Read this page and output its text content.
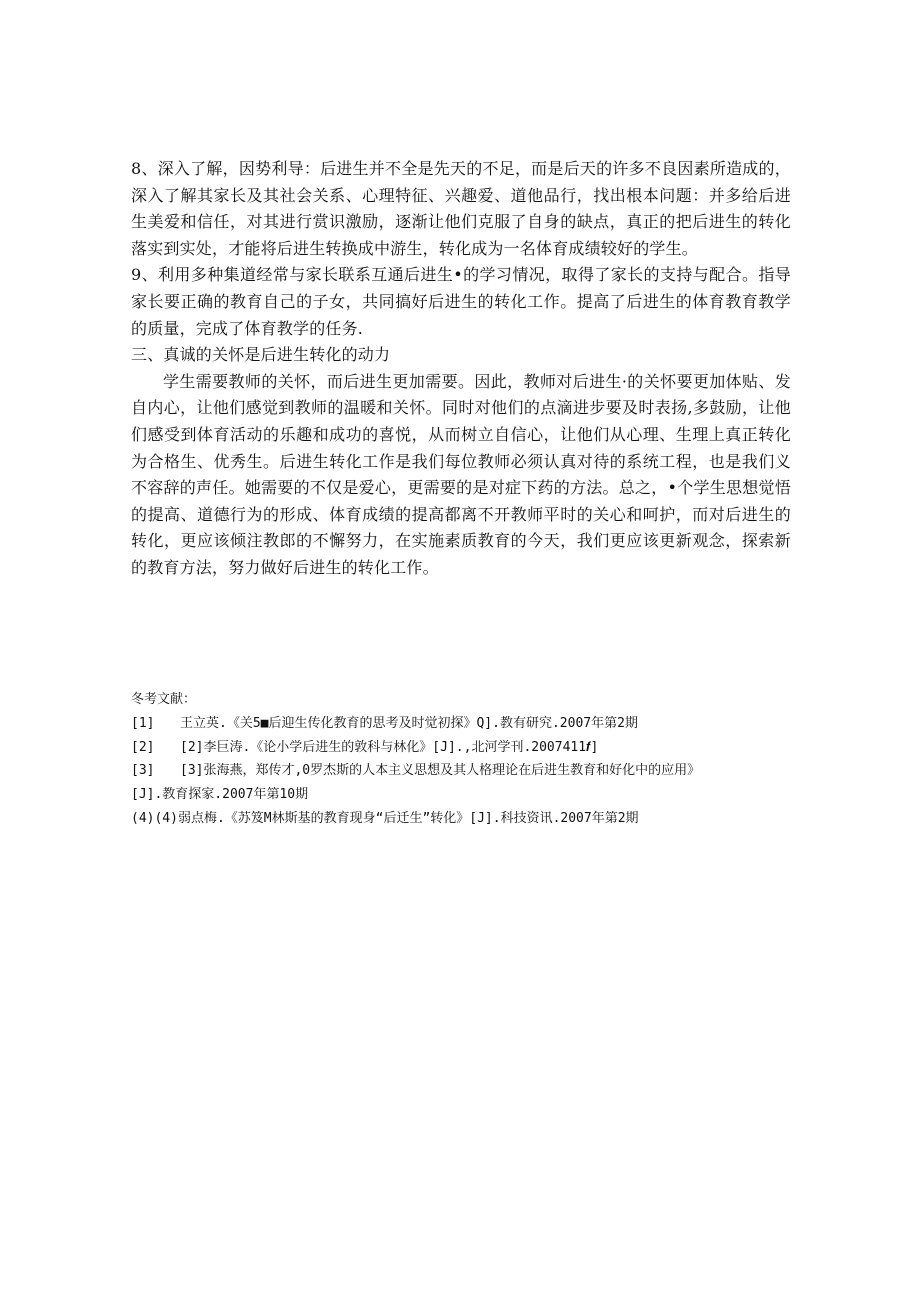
8、深入了解，因势利导：后进生并不全是先天的不足，而是后天的许多不良因素所造成的，深入了解其家长及其社会关系、心理特征、兴趣爱、道他品行，找出根本问题：并多给后进生美爱和信任，对其进行赏识激励，逐渐让他们克服了自身的缺点，真正的把后进生的转化落实到实处，才能将后进生转换成中游生，转化成为一名体育成绩较好的学生。

9、利用多种集道经常与家长联系互通后进生•的学习情况，取得了家长的支持与配合。指导家长要正确的教育自己的子女，共同搞好后进生的转化工作。提高了后进生的体育教育教学的质量，完成了体育教学的任务.

三、真诚的关怀是后进生转化的动力

学生需要教师的关怀，而后进生更加需要。因此，教师对后进生·的关怀要更加体贴、发自内心，让他们感觉到教师的温暖和关怀。同时对他们的点滴进步要及时表扬,多鼓励，让他们感受到体育活动的乐趣和成功的喜悦，从而树立自信心，让他们从心理、生理上真正转化为合格生、优秀生。后进生转化工作是我们每位教师必须认真对待的系统工程，也是我们义不容辞的声任。她需要的不仅是爱心，更需要的是对症下药的方法。总之，•个学生思想觉悟的提高、道德行为的形成、体育成绩的提高都离不开教师平时的关心和呵护，而对后进生的转化，更应该倾注教郎的不懈努力，在实施素质教育的今天，我们更应该更新观念，探索新的教育方法，努力做好后进生的转化工作。

冬考文献：
[1] 王立英.《关5■后迎生传化教育的思考及时觉初探》Q].教有研究.2007年第2期
[2] [2]李巨涛.《论小学后进生的敦科与林化》[J].,北河学刊.2007411𝒇]
[3] [3]张海燕，郑传才,0罗杰斯的人本主义思想及其人格理论在后进生教育和好化中的应用》
[J].教育探家.2007年第10期
(4)(4)弱点梅.《苏笈M林斯基的教育现身“后迁生”转化》[J].科技资讯.2007年第2期
